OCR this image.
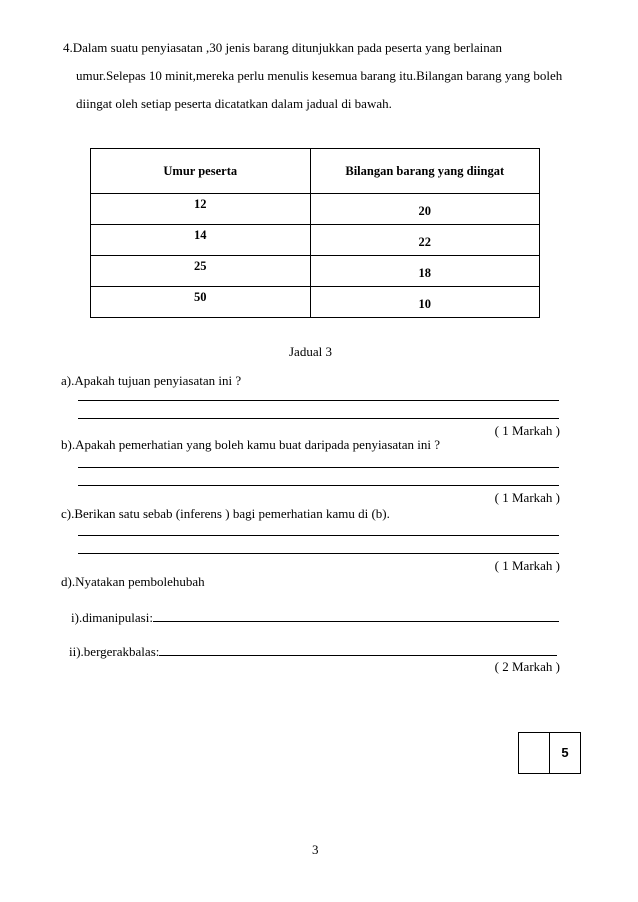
4.Dalam suatu penyiasatan ,30 jenis barang ditunjukkan pada peserta yang berlainan
umur.Selepas 10 minit,mereka perlu menulis kesemua barang itu.Bilangan barang yang boleh
diingat oleh setiap peserta dicatatkan dalam jadual di bawah.
Umur peserta	Bilangan barang yang diingat
12	20
14	22
25	18
50	10
Jadual 3
a).Apakah tujuan penyiasatan ini ?
( 1 Markah )
b).Apakah pemerhatian yang boleh kamu buat daripada penyiasatan ini ?
( 1 Markah )
c).Berikan satu sebab (inferens ) bagi pemerhatian kamu di (b).
( 1 Markah )
d).Nyatakan pembolehubah
i).dimanipulasi:
ii).bergerakbalas:
( 2 Markah )
5
3
